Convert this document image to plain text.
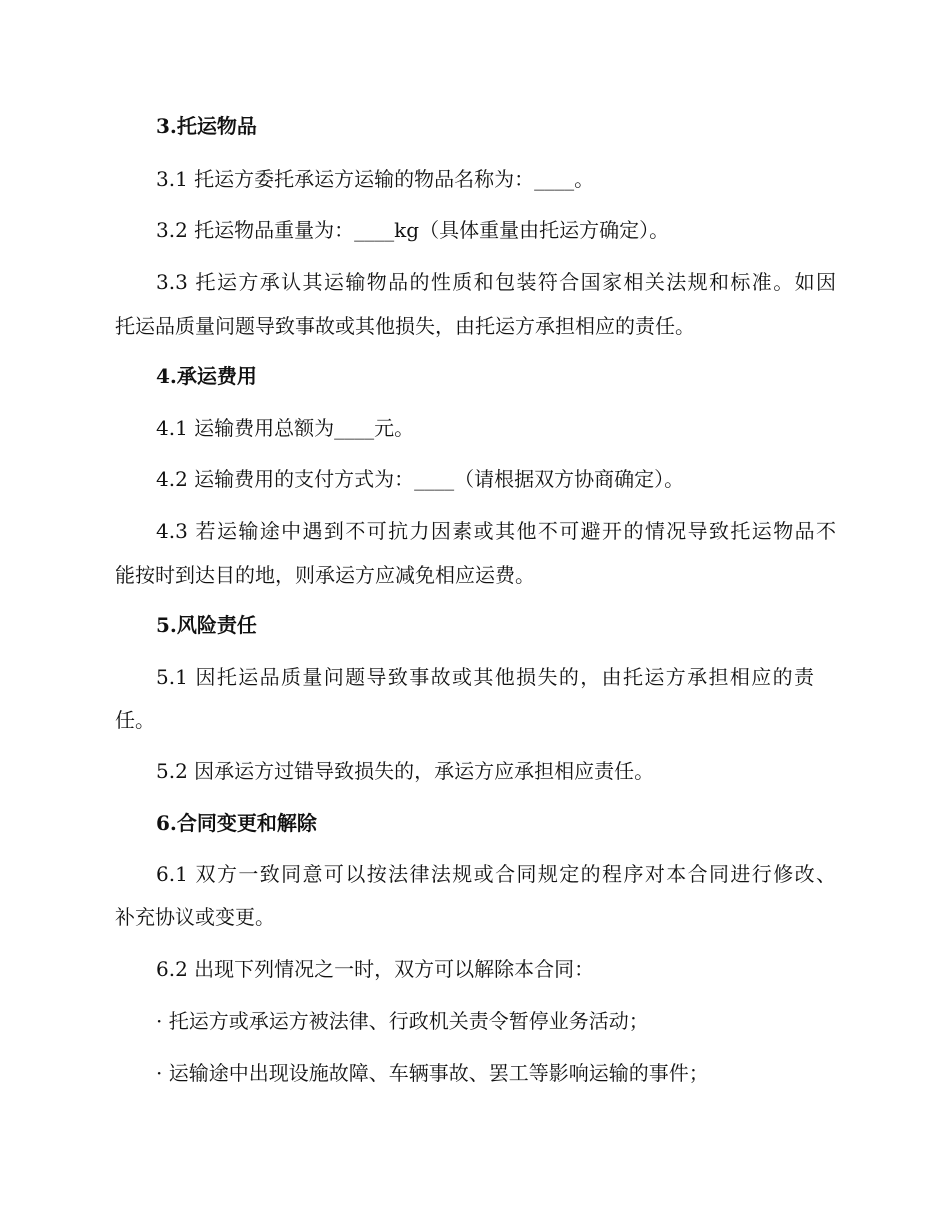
3.托运物品
3.1 托运方委托承运方运输的物品名称为：____。
3.2 托运物品重量为：____kg（具体重量由托运方确定）。
3.3 托运方承认其运输物品的性质和包装符合国家相关法规和标准。如因
托运品质量问题导致事故或其他损失，由托运方承担相应的责任。
4.承运费用
4.1 运输费用总额为____元。
4.2 运输费用的支付方式为：____（请根据双方协商确定）。
4.3 若运输途中遇到不可抗力因素或其他不可避开的情况导致托运物品不
能按时到达目的地，则承运方应减免相应运费。
5.风险责任
5.1 因托运品质量问题导致事故或其他损失的，由托运方承担相应的责
任。
5.2 因承运方过错导致损失的，承运方应承担相应责任。
6.合同变更和解除
6.1 双方一致同意可以按法律法规或合同规定的程序对本合同进行修改、
补充协议或变更。
6.2 出现下列情况之一时，双方可以解除本合同：
· 托运方或承运方被法律、行政机关责令暂停业务活动；
· 运输途中出现设施故障、车辆事故、罢工等影响运输的事件；
